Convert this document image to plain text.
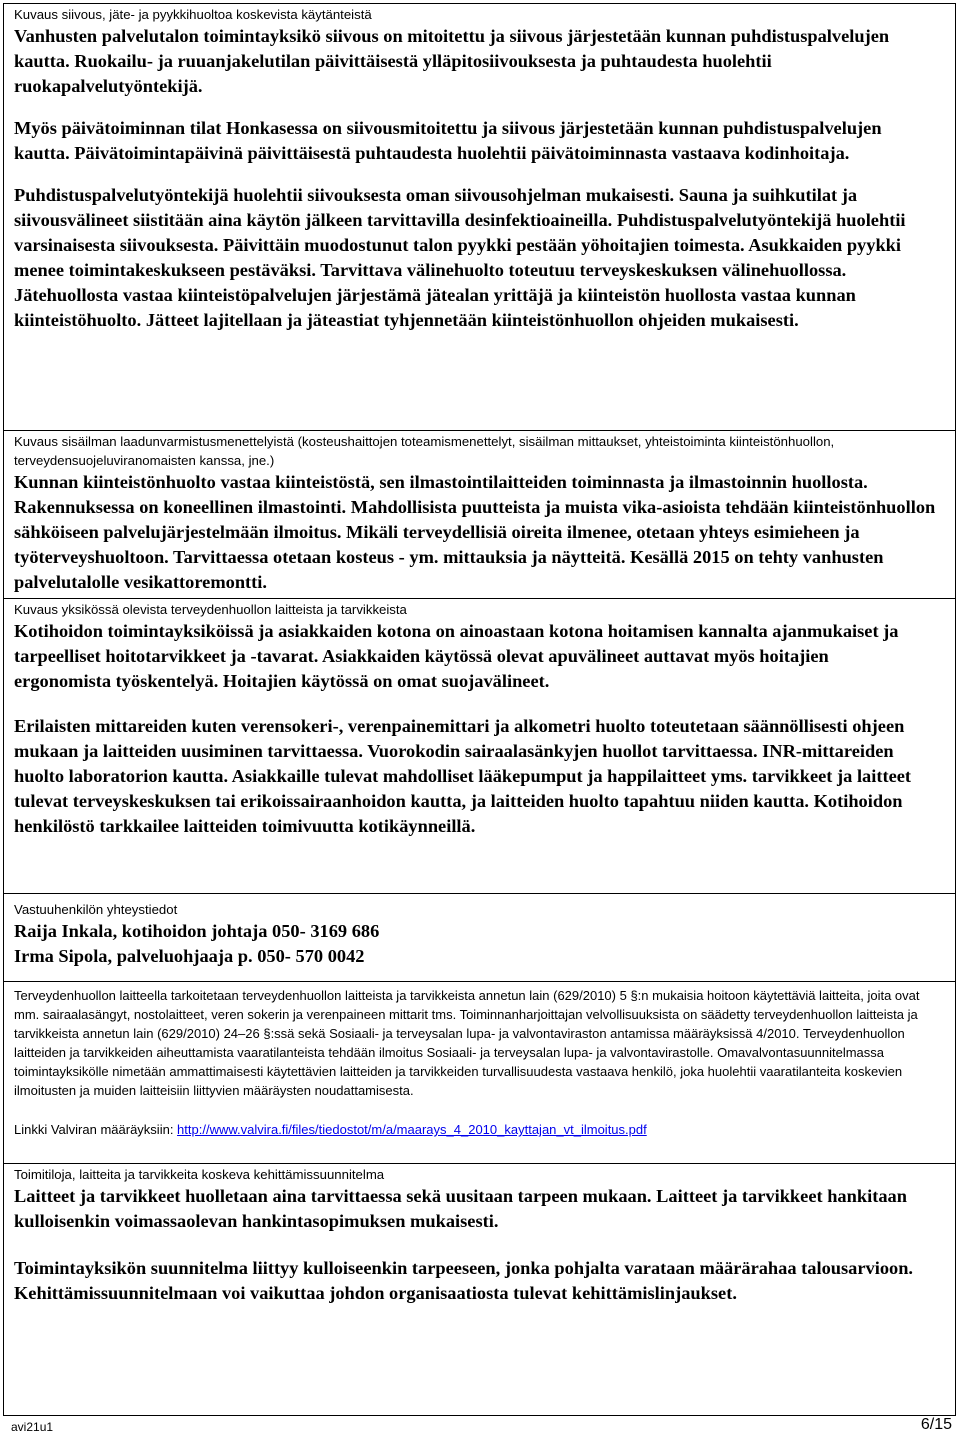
Kuvaus siivous, jäte- ja pyykkihuoltoa koskevista käytänteistä

Vanhusten palvelutalon toimintayksikö siivous on mitoitettu ja siivous järjestetään kunnan puhdistuspalvelujen kautta. Ruokailu- ja ruuanjakelutilan päivittäisestä ylläpitosiivouksesta ja puhtaudesta huolehtii ruokapalvelutyöntekijä.

Myös päivätoiminnan tilat Honkasessa on siivousmitoitettu ja siivous järjestetään kunnan puhdistuspalvelujen kautta. Päivätoimintapäivinä päivittäisestä puhtaudesta huolehtii päivätoiminnasta vastaava kodinhoitaja.

Puhdistuspalvelutyöntekijä huolehtii siivouksesta oman siivousohjelman mukaisesti. Sauna ja suihkutilat ja siivousvälineet siistitään aina käytön jälkeen tarvittavilla desinfektioaineilla. Puhdistuspalvelutyöntekijä huolehtii varsinaisesta siivouksesta. Päivittäin muodostunut talon pyykki pestään yöhoitajien toimesta. Asukkaiden pyykki menee toimintakeskukseen pestäväksi. Tarvittava välinehuolto toteutuu terveyskeskuksen välinehuollossa. Jätehuollosta vastaa kiinteistöpalvelujen järjestämä jätealan yrittäjä ja kiinteistön huollosta vastaa kunnan kiinteistöhuolto. Jätteet lajitellaan ja jäteastiat tyhjennetään kiinteistönhuollon ohjeiden mukaisesti.

Kuvaus sisäilman laadunvarmistusmenettelyistä (kosteushaittojen toteamismenettelyt, sisäilman mittaukset, yhteistoiminta kiinteistönhuollon, terveydensuojeluviranomaisten kanssa, jne.)

Kunnan kiinteistönhuolto vastaa kiinteistöstä, sen ilmastointilaitteiden toiminnasta ja ilmastoinnin huollosta. Rakennuksessa on koneellinen ilmastointi. Mahdollisista puutteista ja muista vika-asioista tehdään kiinteistönhuollon sähköiseen palvelujärjestelmään ilmoitus. Mikäli terveydellisiä oireita ilmenee, otetaan yhteys esimieheen ja työterveyshuoltoon. Tarvittaessa otetaan kosteus - ym. mittauksia ja näytteitä. Kesällä 2015 on tehty vanhusten palvelutalolle vesikattoremontti.

Kuvaus yksikössä olevista terveydenhuollon laitteista ja tarvikkeista

Kotihoidon toimintayksiköissä ja asiakkaiden kotona on ainoastaan kotona hoitamisen kannalta ajanmukaiset ja tarpeelliset hoitotarvikkeet ja -tavarat. Asiakkaiden käytössä olevat apuvälineet auttavat myös hoitajien ergonomista työskentelyä. Hoitajien käytössä on omat suojavälineet.

Erilaisten mittareiden kuten verensokeri-, verenpainemittari ja alkometri huolto toteutetaan säännöllisesti ohjeen mukaan ja laitteiden uusiminen tarvittaessa. Vuorokodin sairaalasänkyjen huollot tarvittaessa. INR-mittareiden huolto laboratorion kautta. Asiakkaille tulevat mahdolliset lääkepumput ja happilaitteet yms. tarvikkeet ja laitteet tulevat terveyskeskuksen tai erikoissairaanhoidon kautta, ja laitteiden huolto tapahtuu niiden kautta. Kotihoidon henkilöstö tarkkailee laitteiden toimivuutta kotikäynneillä.

Vastuuhenkilön yhteystiedot

Raija Inkala, kotihoidon johtaja 050- 3169 686

Irma Sipola, palveluohjaaja p. 050- 570 0042

Terveydenhuollon laitteella tarkoitetaan terveydenhuollon laitteista ja tarvikkeista annetun lain (629/2010) 5 §:n mukaisia hoitoon käytettäviä laitteita, joita ovat mm. sairaalasängyt, nostolaitteet, veren sokerin ja verenpaineen mittarit tms. Toiminnanharjoittajan velvollisuuksista on säädetty terveydenhuollon laitteista ja tarvikkeista annetun lain (629/2010) 24–26 §:ssä sekä Sosiaali- ja terveysalan lupa- ja valvontaviraston antamissa määräyksissä 4/2010. Terveydenhuollon laitteiden ja tarvikkeiden aiheuttamista vaaratilanteista tehdään ilmoitus Sosiaali- ja terveysalan lupa- ja valvontavirastolle. Omavalvontasuunnitelmassa toimintayksikölle nimetään ammattimaisesti käytettävien laitteiden ja tarvikkeiden turvallisuudesta vastaava henkilö, joka huolehtii vaaratilanteita koskevien ilmoitusten ja muiden laitteisiin liittyvien määräysten noudattamisesta.

Linkki Valviran määräyksiin: http://www.valvira.fi/files/tiedostot/m/a/maarays_4_2010_kayttajan_vt_ilmoitus.pdf

Toimitiloja, laitteita ja tarvikkeita koskeva kehittämissuunnitelma

Laitteet ja tarvikkeet huolletaan aina tarvittaessa sekä uusitaan tarpeen mukaan. Laitteet ja tarvikkeet hankitaan kulloisenkin voimassaolevan hankintasopimuksen mukaisesti.

Toimintayksikön suunnitelma liittyy kulloiseenkin tarpeeseen, jonka pohjalta varataan määrärahaa talousarvioon. Kehittämissuunnitelmaan voi vaikuttaa johdon organisaatiosta tulevat kehittämislinjaukset.

avi21u1	6/15
